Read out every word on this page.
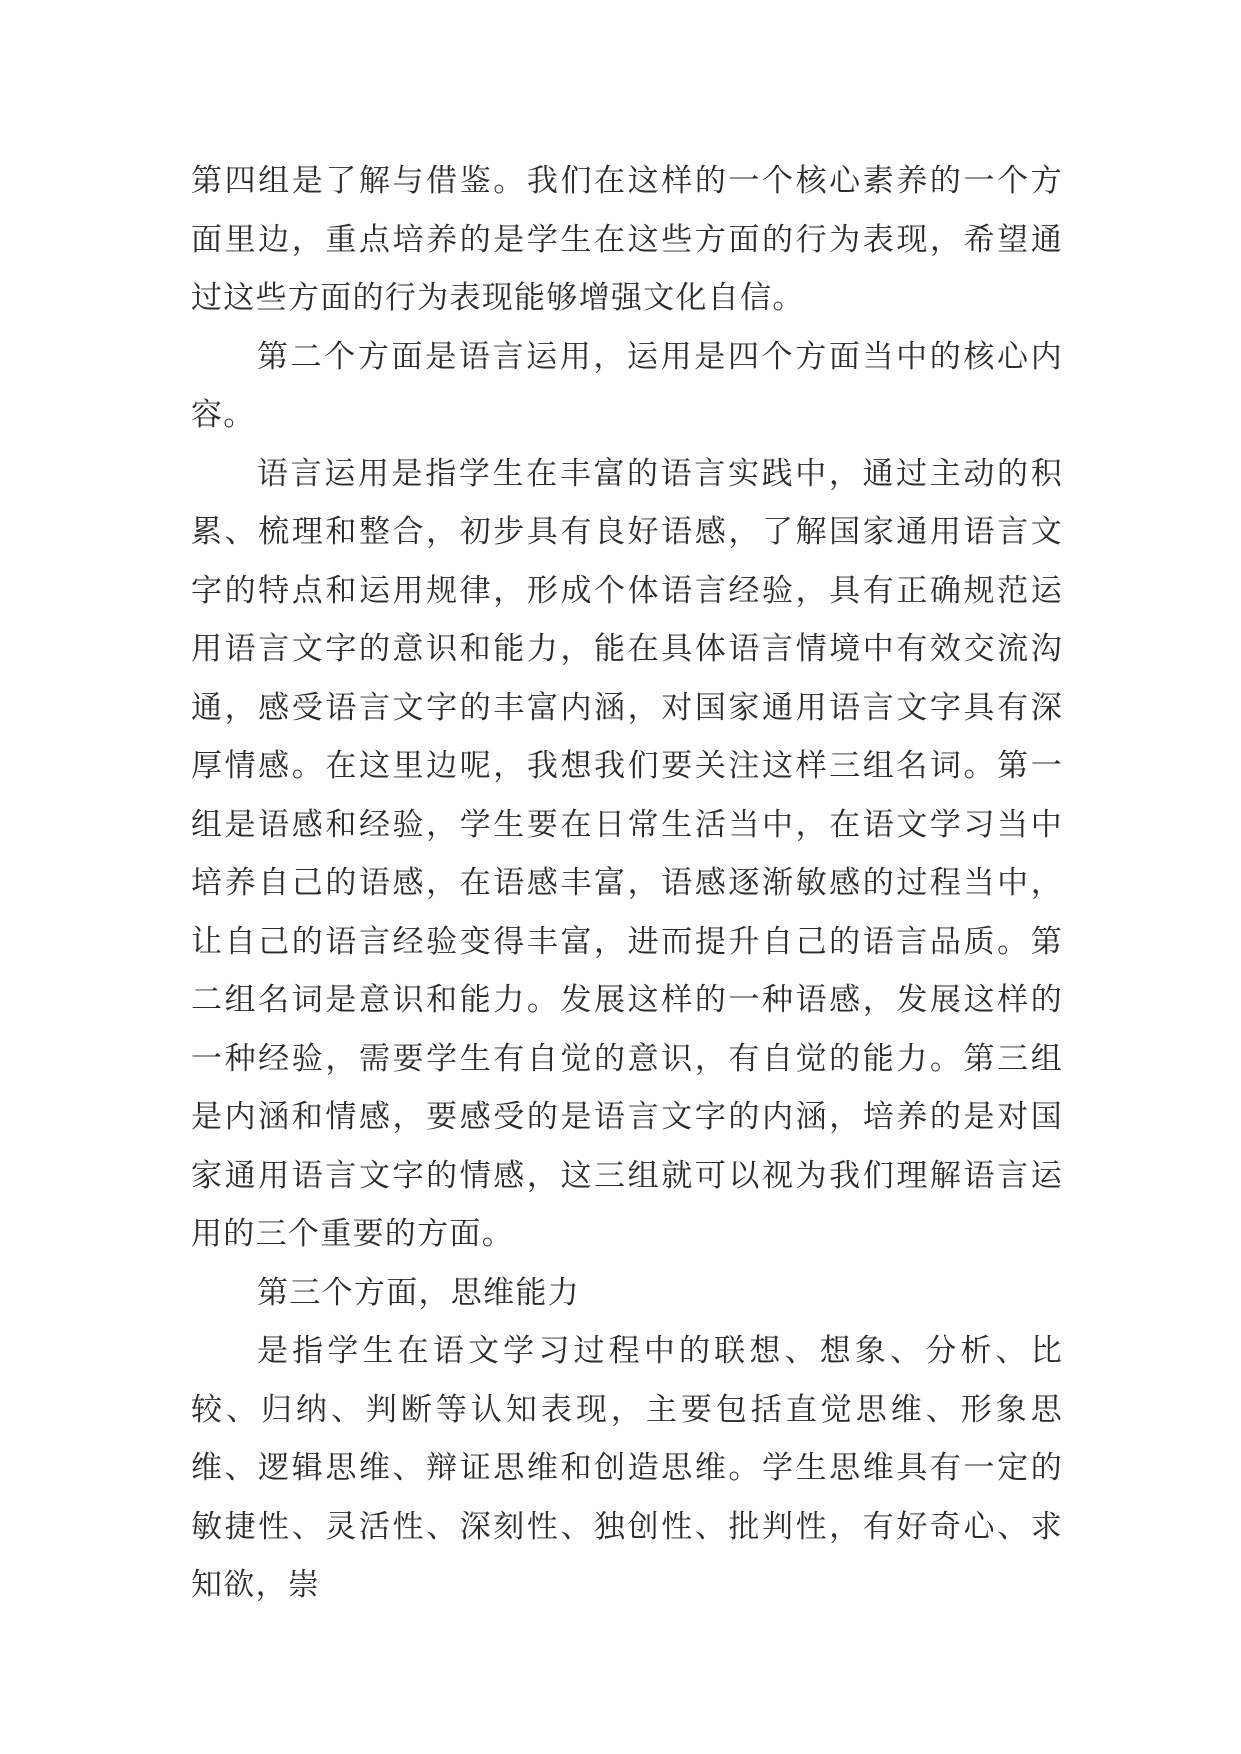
第四组是了解与借鉴。我们在这样的一个核心素养的一个方面里边，重点培养的是学生在这些方面的行为表现，希望通过这些方面的行为表现能够增强文化自信。

第二个方面是语言运用，运用是四个方面当中的核心内容。

语言运用是指学生在丰富的语言实践中，通过主动的积累、梳理和整合，初步具有良好语感，了解国家通用语言文字的特点和运用规律，形成个体语言经验，具有正确规范运用语言文字的意识和能力，能在具体语言情境中有效交流沟通，感受语言文字的丰富内涵，对国家通用语言文字具有深厚情感。在这里边呢，我想我们要关注这样三组名词。第一组是语感和经验，学生要在日常生活当中，在语文学习当中培养自己的语感，在语感丰富，语感逐渐敏感的过程当中，让自己的语言经验变得丰富，进而提升自己的语言品质。第二组名词是意识和能力。发展这样的一种语感，发展这样的一种经验，需要学生有自觉的意识，有自觉的能力。第三组是内涵和情感，要感受的是语言文字的内涵，培养的是对国家通用语言文字的情感，这三组就可以视为我们理解语言运用的三个重要的方面。

第三个方面，思维能力

是指学生在语文学习过程中的联想、想象、分析、比较、归纳、判断等认知表现，主要包括直觉思维、形象思维、逻辑思维、辩证思维和创造思维。学生思维具有一定的敏捷性、灵活性、深刻性、独创性、批判性，有好奇心、求知欲，崇
